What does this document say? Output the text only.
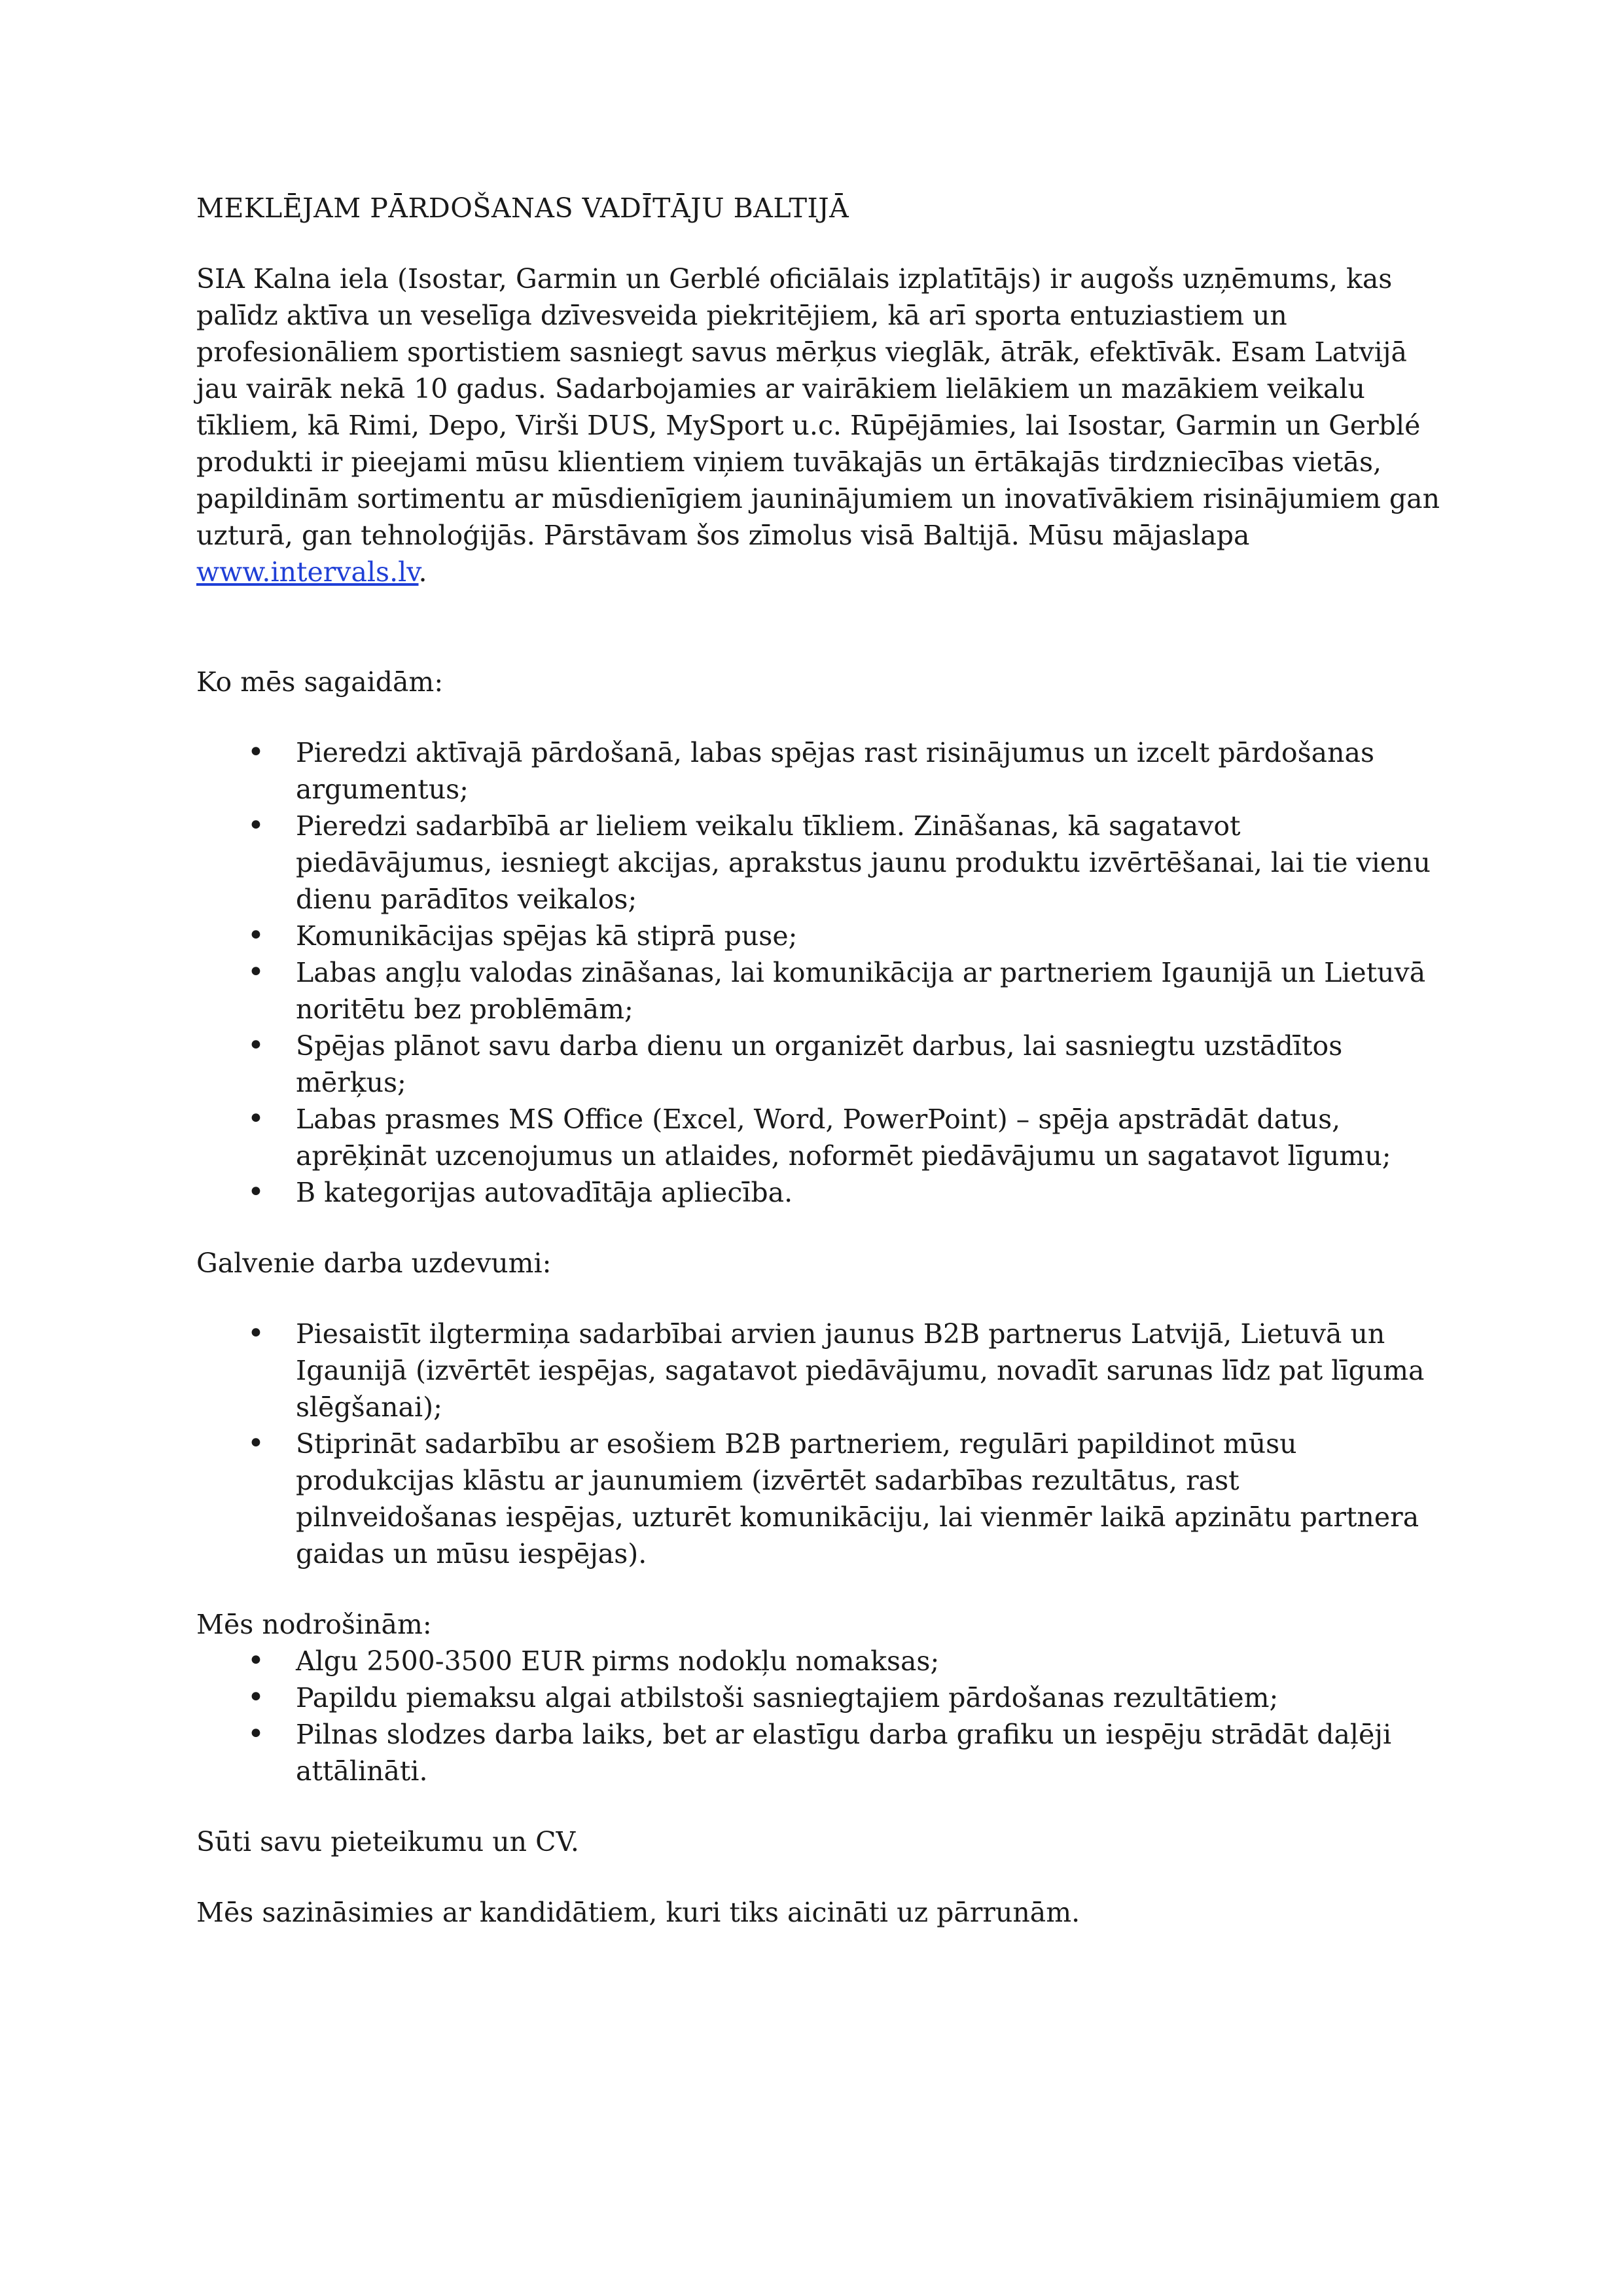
MEKLĒJAM PĀRDOŠANAS VADĪTĀJU BALTIJĀ

SIA Kalna iela (Isostar, Garmin un Gerblé oficiālais izplatītājs) ir augošs uzņēmums, kas palīdz aktīva un veselīga dzīvesveida piekritējiem, kā arī sporta entuziastiem un profesionāliem sportistiem sasniegt savus mērķus vieglāk, ātrāk, efektīvāk. Esam Latvijā jau vairāk nekā 10 gadus. Sadarbojamies ar vairākiem lielākiem un mazākiem veikalu tīkliem, kā Rimi, Depo, Virši DUS, MySport u.c. Rūpējāmies, lai Isostar, Garmin un Gerblé produkti ir pieejami mūsu klientiem viņiem tuvākajās un ērtākajās tirdzniecības vietās, papildinām sortimentu ar mūsdienīgiem jauninājumiem un inovatīvākiem risinājumiem gan uzturā, gan tehnoloģijās. Pārstāvam šos zīmolus visā Baltijā. Mūsu mājaslapa www.intervals.lv.

Ko mēs sagaidām:

• Pieredzi aktīvajā pārdošanā, labas spējas rast risinājumus un izcelt pārdošanas argumentus;
• Pieredzi sadarbībā ar lieliem veikalu tīkliem. Zināšanas, kā sagatavot piedāvājumus, iesniegt akcijas, aprakstus jaunu produktu izvērtēšanai, lai tie vienu dienu parādītos veikalos;
• Komunikācijas spējas kā stiprā puse;
• Labas angļu valodas zināšanas, lai komunikācija ar partneriem Igaunijā un Lietuvā noritētu bez problēmām;
• Spējas plānot savu darba dienu un organizēt darbus, lai sasniegtu uzstādītos mērķus;
• Labas prasmes MS Office (Excel, Word, PowerPoint) – spēja apstrādāt datus, aprēķināt uzcenojumus un atlaides, noformēt piedāvājumu un sagatavot līgumu;
• B kategorijas autovadītāja apliecība.

Galvenie darba uzdevumi:

• Piesaistīt ilgtermiņa sadarbībai arvien jaunus B2B partnerus Latvijā, Lietuvā un Igaunijā (izvērtēt iespējas, sagatavot piedāvājumu, novadīt sarunas līdz pat līguma slēgšanai);
• Stiprināt sadarbību ar esošiem B2B partneriem, regulāri papildinot mūsu produkcijas klāstu ar jaunumiem (izvērtēt sadarbības rezultātus, rast pilnveidošanas iespējas, uzturēt komunikāciju, lai vienmēr laikā apzinātu partnera gaidas un mūsu iespējas).

Mēs nodrošinām:

• Algu 2500-3500 EUR pirms nodokļu nomaksas;
• Papildu piemaksu algai atbilstoši sasniegtajiem pārdošanas rezultātiem;
• Pilnas slodzes darba laiks, bet ar elastīgu darba grafiku un iespēju strādāt daļēji attālināti.

Sūti savu pieteikumu un CV.

Mēs sazināsimies ar kandidātiem, kuri tiks aicināti uz pārrunām.
